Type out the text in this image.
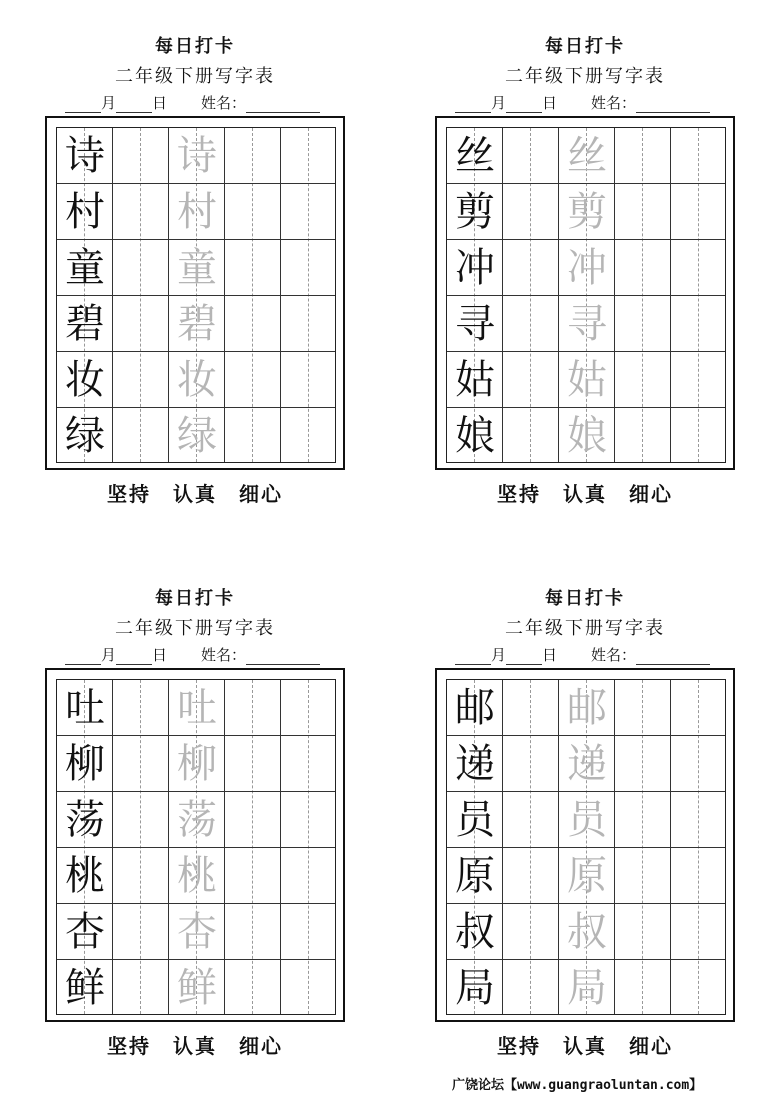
每日打卡
二年级下册写字表
月 日 姓名：
诗 诗
村 村
童 童
碧 碧
妆 妆
绿 绿
坚持　认真　细心
每日打卡
二年级下册写字表
月 日 姓名：
丝 丝
剪 剪
冲 冲
寻 寻
姑 姑
娘 娘
坚持　认真　细心
每日打卡
二年级下册写字表
月 日 姓名：
吐 吐
柳 柳
荡 荡
桃 桃
杏 杏
鲜 鲜
坚持　认真　细心
每日打卡
二年级下册写字表
月 日 姓名：
邮 邮
递 递
员 员
原 原
叔 叔
局 局
坚持　认真　细心
广饶论坛【www.guangraoluntan.com】
